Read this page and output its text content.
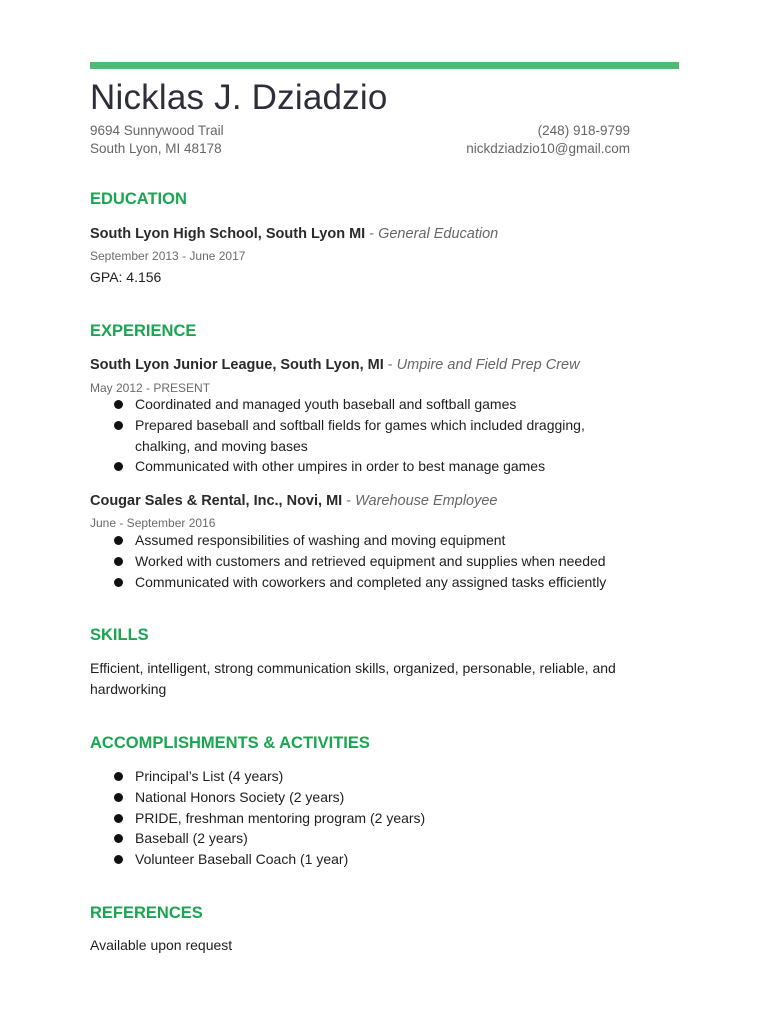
Nicklas J. Dziadzio
9694 Sunnywood Trail
South Lyon, MI 48178
(248) 918-9799
nickdziadzio10@gmail.com
EDUCATION
South Lyon High School, South Lyon MI - General Education
September 2013 - June 2017
GPA: 4.156
EXPERIENCE
South Lyon Junior League, South Lyon, MI - Umpire and Field Prep Crew
May 2012 - PRESENT
Coordinated and managed youth baseball and softball games
Prepared baseball and softball fields for games which included dragging, chalking, and moving bases
Communicated with other umpires in order to best manage games
Cougar Sales & Rental, Inc., Novi, MI - Warehouse Employee
June - September 2016
Assumed responsibilities of washing and moving equipment
Worked with customers and retrieved equipment and supplies when needed
Communicated with coworkers and completed any assigned tasks efficiently
SKILLS
Efficient, intelligent, strong communication skills, organized, personable, reliable, and hardworking
ACCOMPLISHMENTS & ACTIVITIES
Principal’s List (4 years)
National Honors Society (2 years)
PRIDE, freshman mentoring program (2 years)
Baseball (2 years)
Volunteer Baseball Coach (1 year)
REFERENCES
Available upon request
